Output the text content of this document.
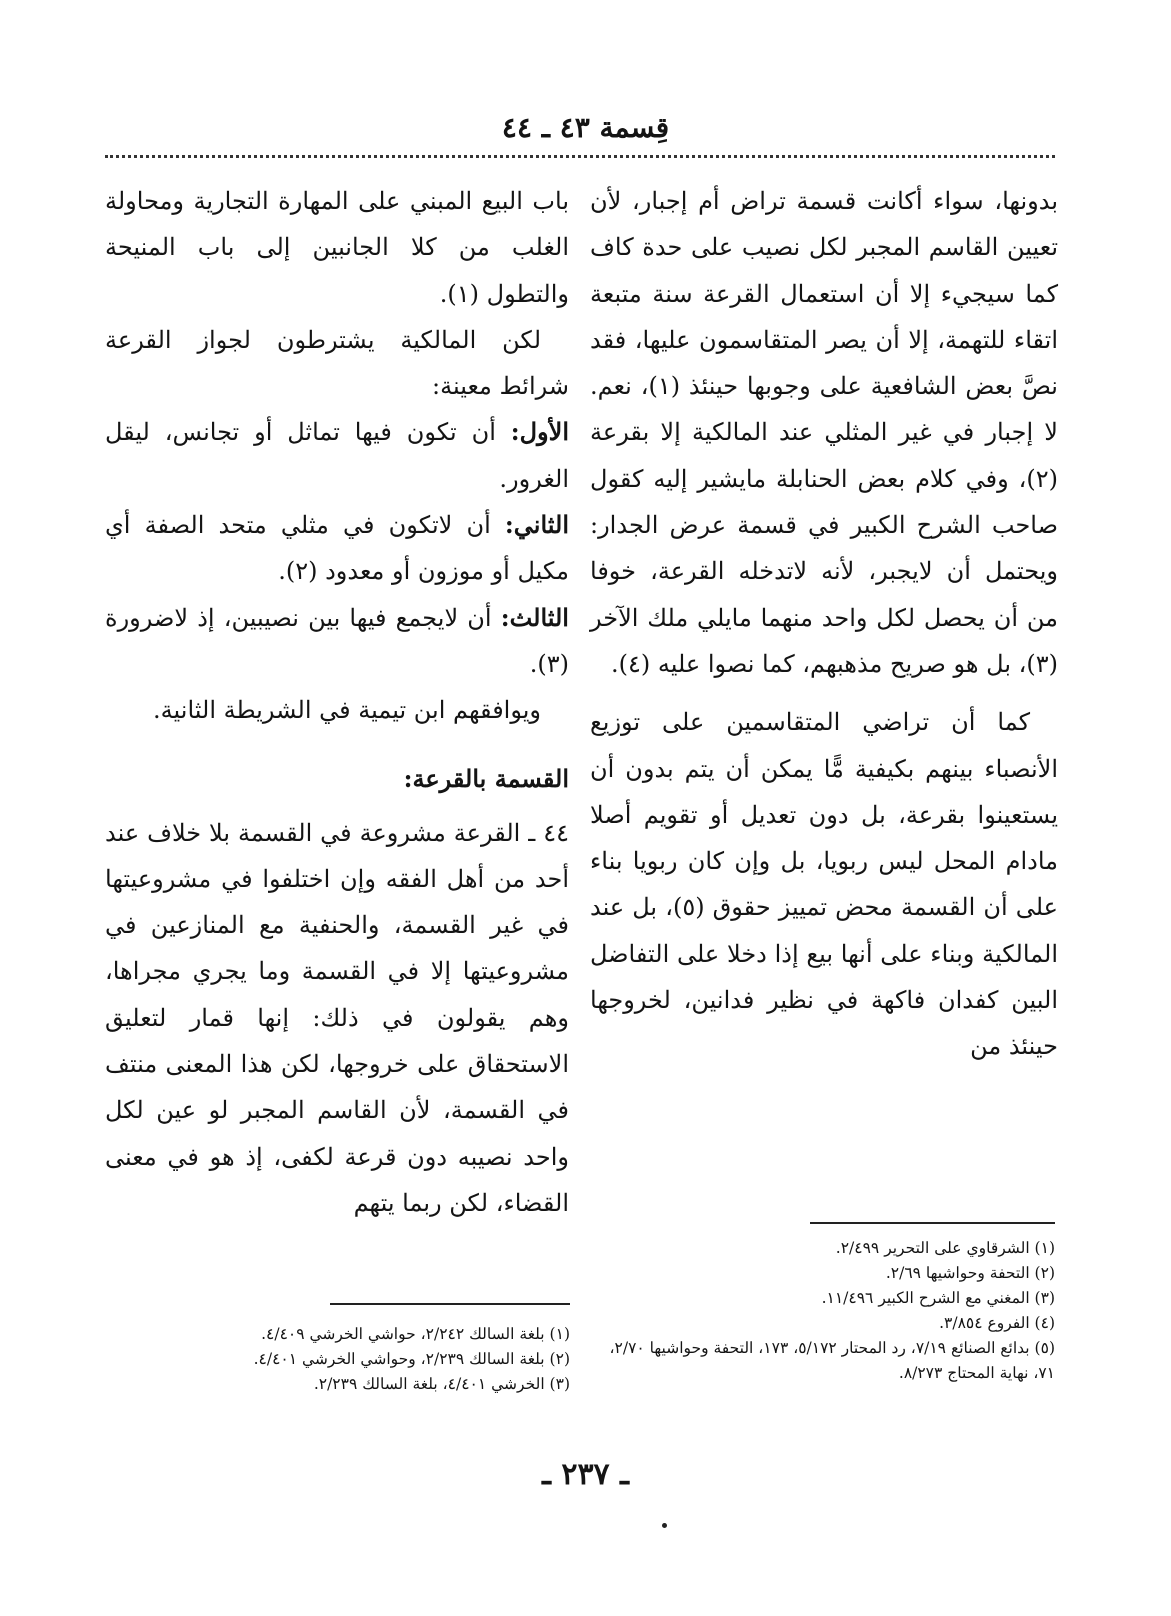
قِسمة ٤٣ ـ ٤٤

بدونها، سواء أكانت قسمة تراض أم إجبار، لأن تعيين القاسم المجبر لكل نصيب على حدة كاف كما سيجيء إلا أن استعمال القرعة سنة متبعة اتقاء للتهمة، إلا أن يصر المتقاسمون عليها، فقد نصَّ بعض الشافعية على وجوبها حينئذ (١)، نعم. لا إجبار في غير المثلي عند المالكية إلا بقرعة (٢)، وفي كلام بعض الحنابلة مايشير إليه كقول صاحب الشرح الكبير في قسمة عرض الجدار: ويحتمل أن لايجبر، لأنه لاتدخله القرعة، خوفا من أن يحصل لكل واحد منهما مايلي ملك الآخر (٣)، بل هو صريح مذهبهم، كما نصوا عليه (٤).

كما أن تراضي المتقاسمين على توزيع الأنصباء بينهم بكيفية مًّا يمكن أن يتم بدون أن يستعينوا بقرعة، بل دون تعديل أو تقويم أصلا مادام المحل ليس ربويا، بل وإن كان ربويا بناء على أن القسمة محض تمييز حقوق (٥)، بل عند المالكية وبناء على أنها بيع إذا دخلا على التفاضل البين كفدان فاكهة في نظير فدانين، لخروجها حينئذ من

باب البيع المبني على المهارة التجارية ومحاولة الغلب من كلا الجانبين إلى باب المنيحة والتطول (١).

لكن المالكية يشترطون لجواز القرعة شرائط معينة:

الأول: أن تكون فيها تماثل أو تجانس، ليقل الغرور.

الثاني: أن لاتكون في مثلي متحد الصفة أي مكيل أو موزون أو معدود (٢).

الثالث: أن لايجمع فيها بين نصيبين، إذ لاضرورة (٣).

ويوافقهم ابن تيمية في الشريطة الثانية.

القسمة بالقرعة:

٤٤ ـ القرعة مشروعة في القسمة بلا خلاف عند أحد من أهل الفقه وإن اختلفوا في مشروعيتها في غير القسمة، والحنفية مع المنازعين في مشروعيتها إلا في القسمة وما يجري مجراها، وهم يقولون في ذلك: إنها قمار لتعليق الاستحقاق على خروجها، لكن هذا المعنى منتف في القسمة، لأن القاسم المجبر لو عين لكل واحد نصيبه دون قرعة لكفى، إذ هو في معنى القضاء، لكن ربما يتهم

(١) الشرقاوي على التحرير ٢/٤٩٩.
(٢) التحفة وحواشيها ٢/٦٩.
(٣) المغني مع الشرح الكبير ١١/٤٩٦.
(٤) الفروع ٣/٨٥٤.
(٥) بدائع الصنائع ٧/١٩، رد المحتار ٥/١٧٢، ١٧٣، التحفة وحواشيها ٢/٧٠، ٧١، نهاية المحتاج ٨/٢٧٣.
(١) بلغة السالك ٢/٢٤٢، حواشي الخرشي ٤/٤٠٩.
(٢) بلغة السالك ٢/٢٣٩، وحواشي الخرشي ٤/٤٠١.
(٣) الخرشي ٤/٤٠١، بلغة السالك ٢/٢٣٩.
ـ ٢٣٧ ـ
